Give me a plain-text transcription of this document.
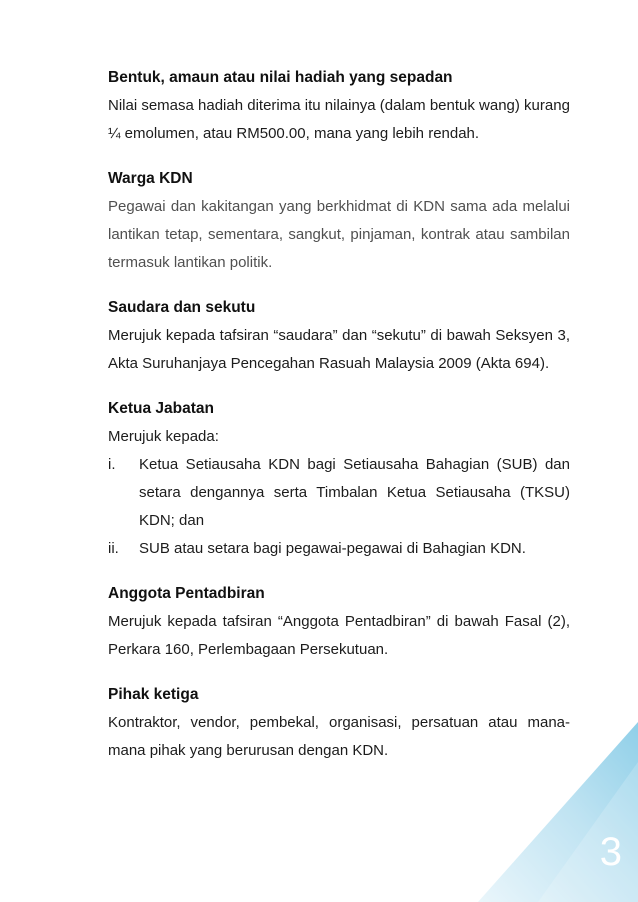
Bentuk, amaun atau nilai hadiah yang sepadan

Nilai semasa hadiah diterima itu nilainya (dalam bentuk wang) kurang

¼ emolumen, atau RM500.00, mana yang lebih rendah.

Warga KDN

Pegawai dan kakitangan yang berkhidmat di KDN sama ada melalui lantikan tetap, sementara, sangkut, pinjaman, kontrak atau sambilan termasuk lantikan politik.

Saudara dan sekutu

Merujuk kepada tafsiran “saudara” dan “sekutu” di bawah Seksyen 3, Akta Suruhanjaya Pencegahan Rasuah Malaysia 2009 (Akta 694).

Ketua Jabatan

Merujuk kepada:

i. Ketua Setiausaha KDN bagi Setiausaha Bahagian (SUB) dan setara dengannya serta Timbalan Ketua Setiausaha (TKSU) KDN; dan
ii. SUB atau setara bagi pegawai-pegawai di Bahagian KDN.

Anggota Pentadbiran

Merujuk kepada tafsiran “Anggota Pentadbiran” di bawah Fasal (2), Perkara 160, Perlembagaan Persekutuan.

Pihak ketiga

Kontraktor, vendor, pembekal, organisasi, persatuan atau mana-mana pihak yang berurusan dengan KDN.

3
